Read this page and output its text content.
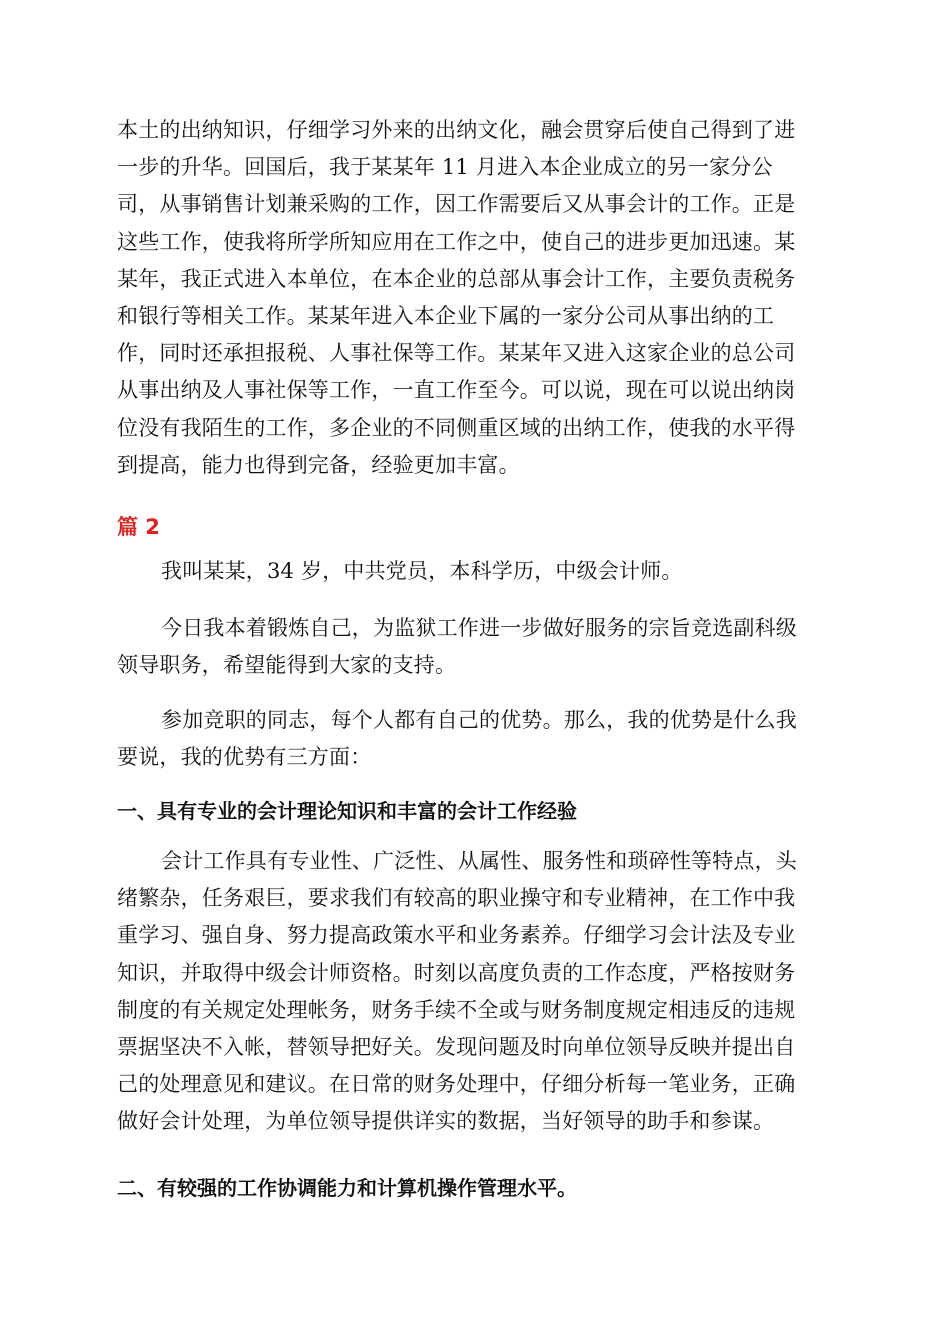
本土的出纳知识，仔细学习外来的出纳文化，融会贯穿后使自己得到了进
一步的升华。回国后，我于某某年 11 月进入本企业成立的另一家分公
司，从事销售计划兼采购的工作，因工作需要后又从事会计的工作。正是
这些工作，使我将所学所知应用在工作之中，使自己的进步更加迅速。某
某年，我正式进入本单位，在本企业的总部从事会计工作，主要负责税务
和银行等相关工作。某某年进入本企业下属的一家分公司从事出纳的工
作，同时还承担报税、人事社保等工作。某某年又进入这家企业的总公司
从事出纳及人事社保等工作，一直工作至今。可以说，现在可以说出纳岗
位没有我陌生的工作，多企业的不同侧重区域的出纳工作，使我的水平得
到提高，能力也得到完备，经验更加丰富。
篇 2
我叫某某，34 岁，中共党员，本科学历，中级会计师。
今日我本着锻炼自己，为监狱工作进一步做好服务的宗旨竞选副科级
领导职务，希望能得到大家的支持。
参加竞职的同志，每个人都有自己的优势。那么，我的优势是什么我
要说，我的优势有三方面：
一、具有专业的会计理论知识和丰富的会计工作经验
会计工作具有专业性、广泛性、从属性、服务性和琐碎性等特点，头
绪繁杂，任务艰巨，要求我们有较高的职业操守和专业精神，在工作中我
重学习、强自身、努力提高政策水平和业务素养。仔细学习会计法及专业
知识，并取得中级会计师资格。时刻以高度负责的工作态度，严格按财务
制度的有关规定处理帐务，财务手续不全或与财务制度规定相违反的违规
票据坚决不入帐，替领导把好关。发现问题及时向单位领导反映并提出自
己的处理意见和建议。在日常的财务处理中，仔细分析每一笔业务，正确
做好会计处理，为单位领导提供详实的数据，当好领导的助手和参谋。
二、有较强的工作协调能力和计算机操作管理水平。
